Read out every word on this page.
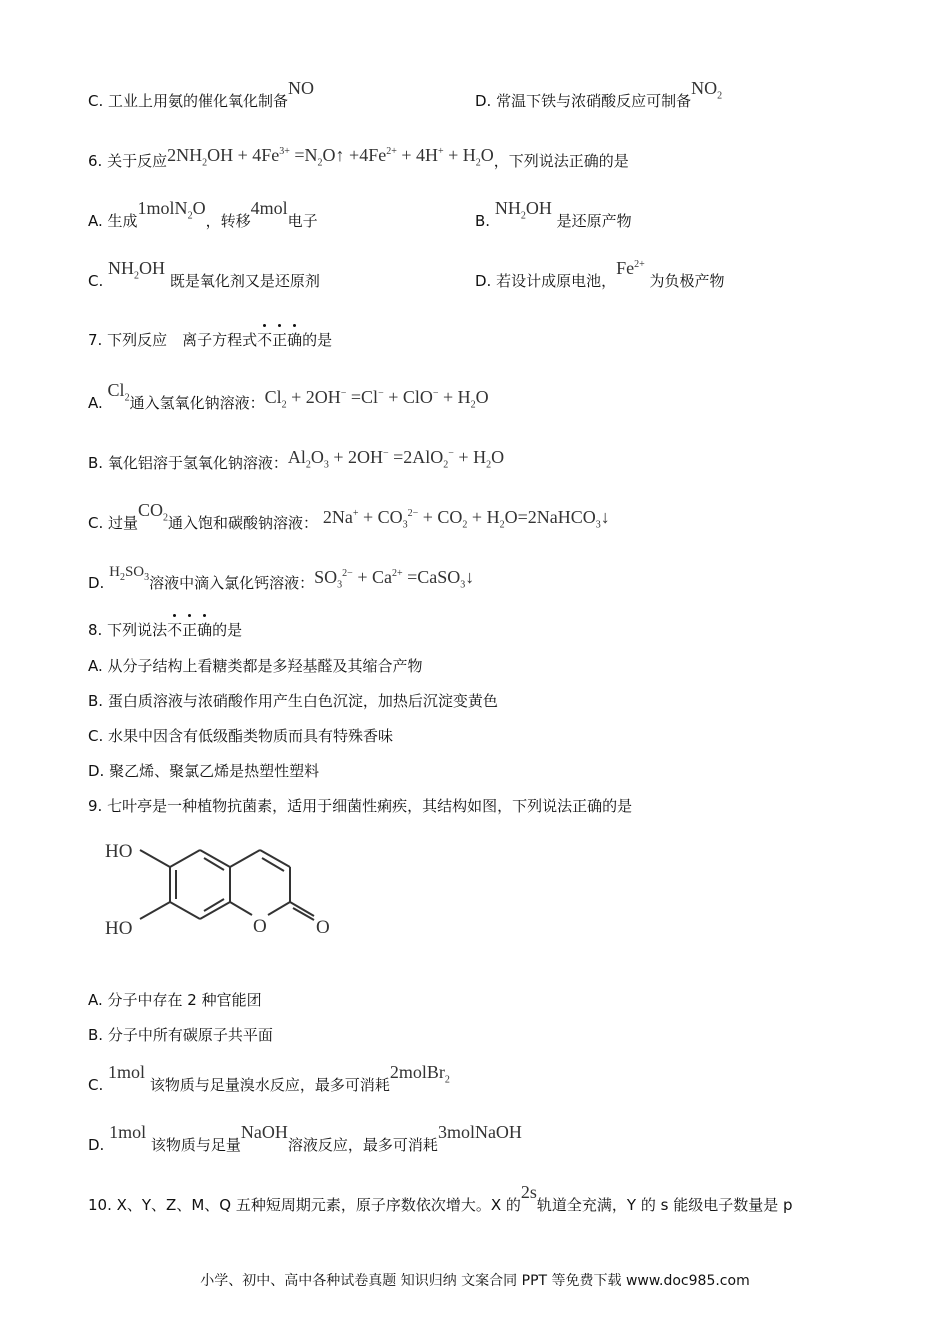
C. 工业上用氨的催化氧化制备NO
D. 常温下铁与浓硝酸反应可制备$NO_2$
6. 关于反应$2NH_2OH + 4Fe^{3+}$ $=N_2O↑ +4Fe^{2+} + 4H^+ + H_2O$，下列说法正确的是
A. 生成1molN$_2$O，转移4mol电子	B. $NH_2OH$ 是还原产物
C. $NH_2OH$ 既是氧化剂又是还原剂	D. 若设计成原电池，$Fe^{2+}$ 为负极产物
7. 下列反应　离子方程式不正确的是
A. $Cl_2$通入氢氧化钠溶液：$Cl_2 + 2OH^- =Cl^- + ClO^- + H_2O$
B. 氧化铝溶于氢氧化钠溶液：$Al_2O_3 + 2OH^- =2AlO_2^- + H_2O$
C. 过量$CO_2$通入饱和碳酸钠溶液： $2Na^+ + CO_3^{2-} + CO_2$ + $H_2O=2NaHCO_3↓$
D. $H_2SO_3$溶液中滴入氯化钙溶液：$SO_3^{2-} + Ca^{2+}$ =CaSO$_3$↓
8. 下列说法不正确的是
A. 从分子结构上看糖类都是多羟基醛及其缩合产物
B. 蛋白质溶液与浓硝酸作用产生白色沉淀，加热后沉淀变黄色
C. 水果中因含有低级酯类物质而具有特殊香味
D. 聚乙烯、聚氯乙烯是热塑性塑料
9. 七叶亭是一种植物抗菌素，适用于细菌性痢疾，其结构如图，下列说法正确的是
HO
HO	O	O
A. 分子中存在 2 种官能团
B. 分子中所有碳原子共平面
C. 1mol 该物质与足量溴水反应，最多可消耗2molBr$_2$
D. 1mol 该物质与足量NaOH溶液反应，最多可消耗3molNaOH
10. X、Y、Z、M、Q 五种短周期元素，原子序数依次增大。X 的2s轨道全充满，Y 的 s 能级电子数量是 p
小学、初中、高中各种试卷真题 知识归纳 文案合同 PPT 等免费下载 www.doc985.com
